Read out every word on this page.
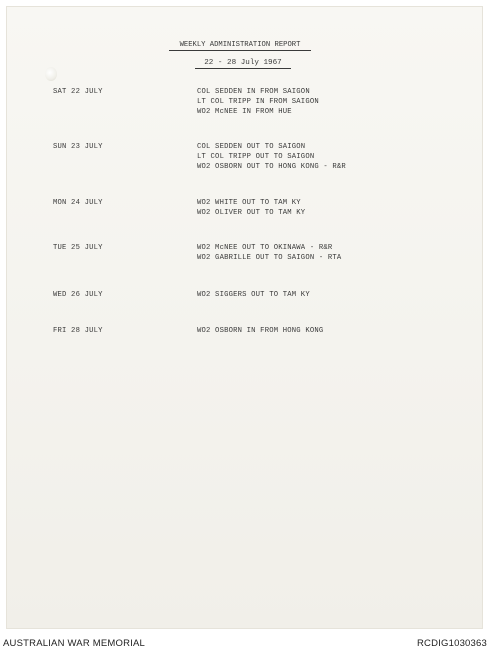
WEEKLY ADMINISTRATION REPORT
22 - 28 July 1967
SAT 22 JULY	COL SEDDEN IN FROM SAIGON
LT COL TRIPP IN FROM SAIGON
WO2 McNEE IN FROM HUE
SUN 23 JULY	COL SEDDEN OUT TO SAIGON
LT COL TRIPP OUT TO SAIGON
WO2 OSBORN OUT TO HONG KONG - R&R
MON 24 JULY	WO2 WHITE OUT TO TAM KY
WO2 OLIVER OUT TO TAM KY
TUE 25 JULY	WO2 McNEE OUT TO OKINAWA - R&R
WO2 GABRILLE OUT TO SAIGON - RTA
WED 26 JULY	WO2 SIGGERS OUT TO TAM KY
FRI 28 JULY	WO2 OSBORN IN FROM HONG KONG
AUSTRALIAN WAR MEMORIAL	RCDIG1030363
